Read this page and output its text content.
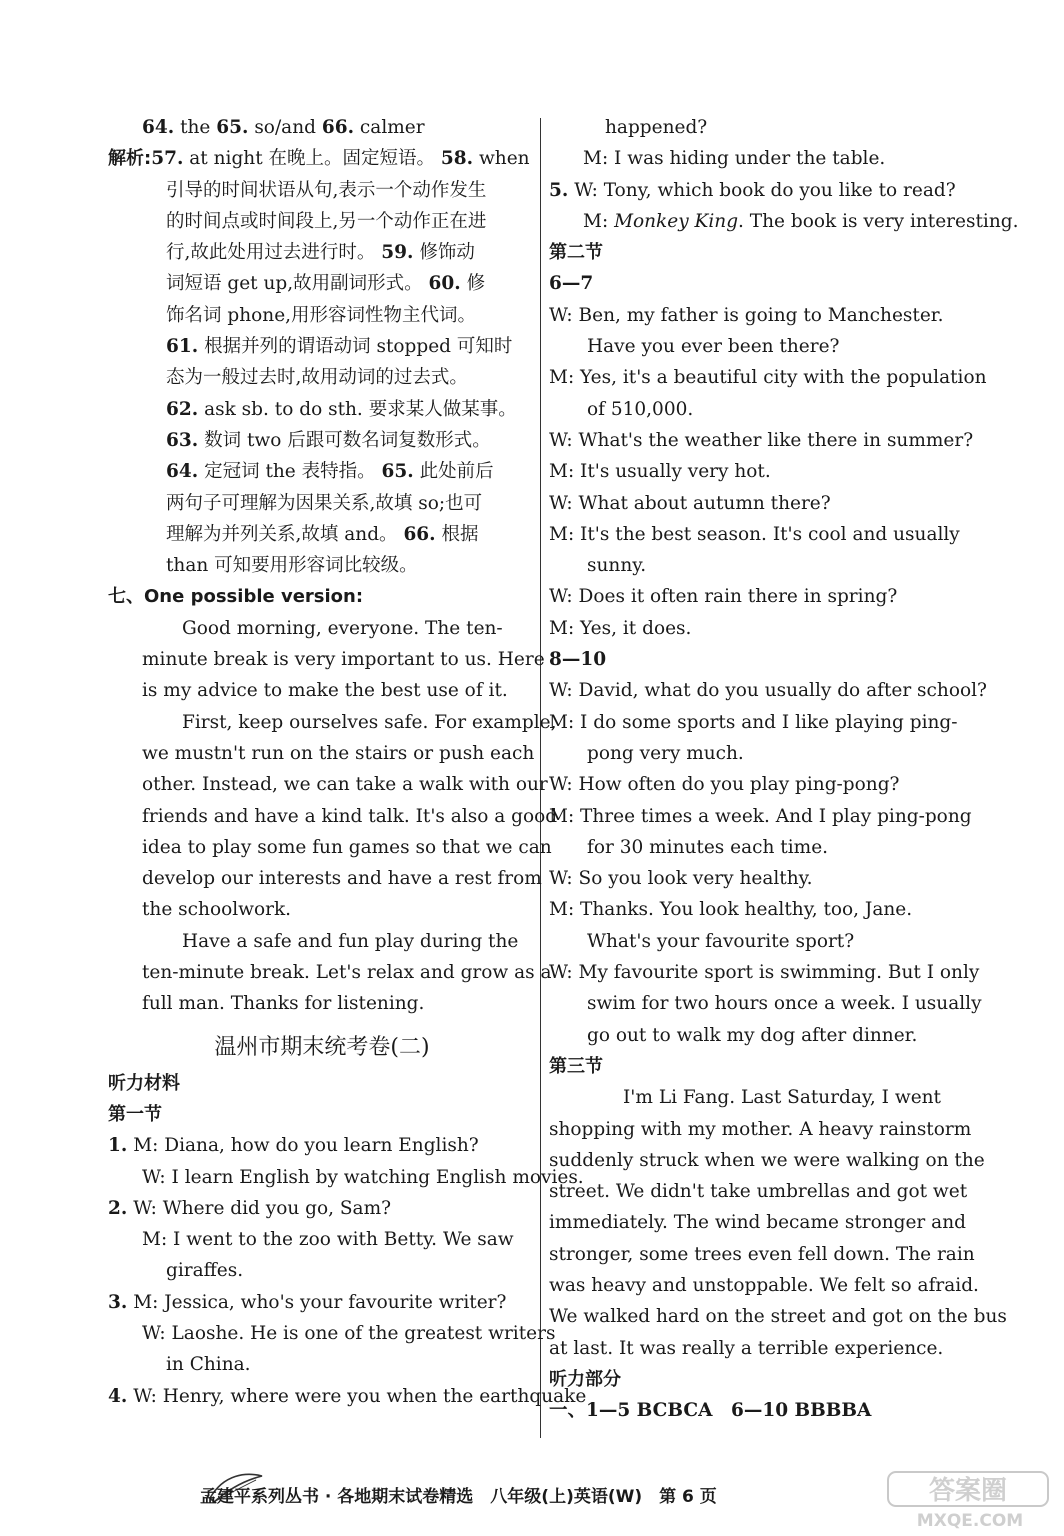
64. the 65. so/and 66. calmer
解析:57. at night 在晚上。固定短语。 58. when
引导的时间状语从句,表示一个动作发生
的时间点或时间段上,另一个动作正在进
行,故此处用过去进行时。 59. 修饰动
词短语 get up,故用副词形式。 60. 修
饰名词 phone,用形容词性物主代词。
61. 根据并列的谓语动词 stopped 可知时
态为一般过去时,故用动词的过去式。
62. ask sb. to do sth. 要求某人做某事。
63. 数词 two 后跟可数名词复数形式。
64. 定冠词 the 表特指。 65. 此处前后
两句子可理解为因果关系,故填 so;也可
理解为并列关系,故填 and。 66. 根据
than 可知要用形容词比较级。
七、One possible version:
Good morning, everyone. The ten-
minute break is very important to us. Here
is my advice to make the best use of it.
First, keep ourselves safe. For example,
we mustn't run on the stairs or push each
other. Instead, we can take a walk with our
friends and have a kind talk. It's also a good
idea to play some fun games so that we can
develop our interests and have a rest from
the schoolwork.
Have a safe and fun play during the
ten-minute break. Let's relax and grow as a
full man. Thanks for listening.
温州市期末统考卷(二)
听力材料
第一节
1. M: Diana, how do you learn English?
W: I learn English by watching English movies.
2. W: Where did you go, Sam?
M: I went to the zoo with Betty. We saw
giraffes.
3. M: Jessica, who's your favourite writer?
W: Laoshe. He is one of the greatest writers
in China.
4. W: Henry, where were you when the earthquake
happened?
M: I was hiding under the table.
5. W: Tony, which book do you like to read?
M: Monkey King. The book is very interesting.
第二节
6—7
W: Ben, my father is going to Manchester.
Have you ever been there?
M: Yes, it's a beautiful city with the population
of 510,000.
W: What's the weather like there in summer?
M: It's usually very hot.
W: What about autumn there?
M: It's the best season. It's cool and usually
sunny.
W: Does it often rain there in spring?
M: Yes, it does.
8—10
W: David, what do you usually do after school?
M: I do some sports and I like playing ping-
pong very much.
W: How often do you play ping-pong?
M: Three times a week. And I play ping-pong
for 30 minutes each time.
W: So you look very healthy.
M: Thanks. You look healthy, too, Jane.
What's your favourite sport?
W: My favourite sport is swimming. But I only
swim for two hours once a week. I usually
go out to walk my dog after dinner.
第三节
I'm Li Fang. Last Saturday, I went
shopping with my mother. A heavy rainstorm
suddenly struck when we were walking on the
street. We didn't take umbrellas and got wet
immediately. The wind became stronger and
stronger, some trees even fell down. The rain
was heavy and unstoppable. We felt so afraid.
We walked hard on the street and got on the bus
at last. It was really a terrible experience.
听力部分
一、1—5 BCBCA　6—10 BBBBA
孟建平系列丛书 · 各地期末试卷精选　八年级(上)英语(W)　第 6 页	答案圈
MXQE.COM
